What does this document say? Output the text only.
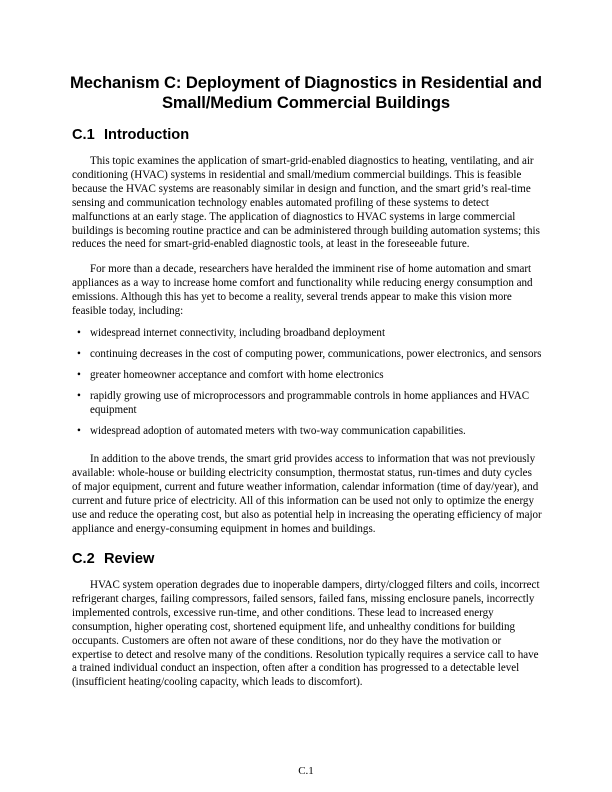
Mechanism C: Deployment of Diagnostics in Residential and
Small/Medium Commercial Buildings
C.1 Introduction
This topic examines the application of smart-grid-enabled diagnostics to heating, ventilating, and air
conditioning (HVAC) systems in residential and small/medium commercial buildings. This is feasible
because the HVAC systems are reasonably similar in design and function, and the smart grid’s real-time
sensing and communication technology enables automated profiling of these systems to detect
malfunctions at an early stage. The application of diagnostics to HVAC systems in large commercial
buildings is becoming routine practice and can be administered through building automation systems; this
reduces the need for smart-grid-enabled diagnostic tools, at least in the foreseeable future.
For more than a decade, researchers have heralded the imminent rise of home automation and smart
appliances as a way to increase home comfort and functionality while reducing energy consumption and
emissions. Although this has yet to become a reality, several trends appear to make this vision more
feasible today, including:
• widespread internet connectivity, including broadband deployment
• continuing decreases in the cost of computing power, communications, power electronics, and sensors
• greater homeowner acceptance and comfort with home electronics
• rapidly growing use of microprocessors and programmable controls in home appliances and HVAC
equipment
• widespread adoption of automated meters with two-way communication capabilities.
In addition to the above trends, the smart grid provides access to information that was not previously
available: whole-house or building electricity consumption, thermostat status, run-times and duty cycles
of major equipment, current and future weather information, calendar information (time of day/year), and
current and future price of electricity. All of this information can be used not only to optimize the energy
use and reduce the operating cost, but also as potential help in increasing the operating efficiency of major
appliance and energy-consuming equipment in homes and buildings.
C.2 Review
HVAC system operation degrades due to inoperable dampers, dirty/clogged filters and coils, incorrect
refrigerant charges, failing compressors, failed sensors, failed fans, missing enclosure panels, incorrectly
implemented controls, excessive run-time, and other conditions. These lead to increased energy
consumption, higher operating cost, shortened equipment life, and unhealthy conditions for building
occupants. Customers are often not aware of these conditions, nor do they have the motivation or
expertise to detect and resolve many of the conditions. Resolution typically requires a service call to have
a trained individual conduct an inspection, often after a condition has progressed to a detectable level
(insufficient heating/cooling capacity, which leads to discomfort).
C.1
